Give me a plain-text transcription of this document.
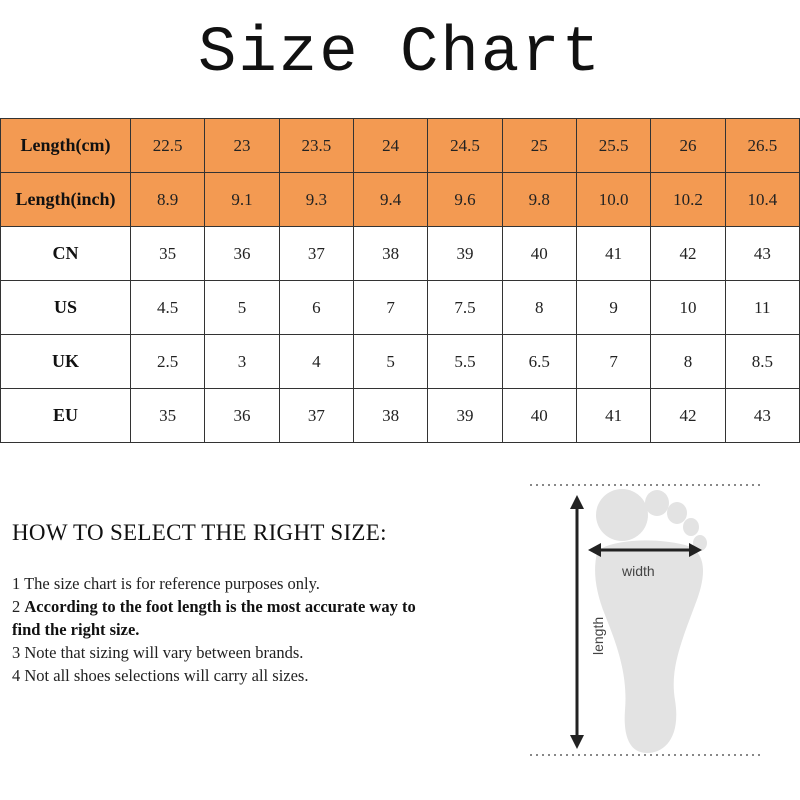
Size Chart
Length(cm)	22.5	23	23.5	24	24.5	25	25.5	26	26.5
Length(inch)	8.9	9.1	9.3	9.4	9.6	9.8	10.0	10.2	10.4
CN	35	36	37	38	39	40	41	42	43
US	4.5	5	6	7	7.5	8	9	10	11
UK	2.5	3	4	5	5.5	6.5	7	8	8.5
EU	35	36	37	38	39	40	41	42	43
HOW TO SELECT THE RIGHT SIZE:
1 The size chart is for reference purposes only.
2 According to the foot length is the most accurate way to find the right size.
3 Note that sizing will vary between brands.
4 Not all shoes selections will carry all sizes.
width
length
